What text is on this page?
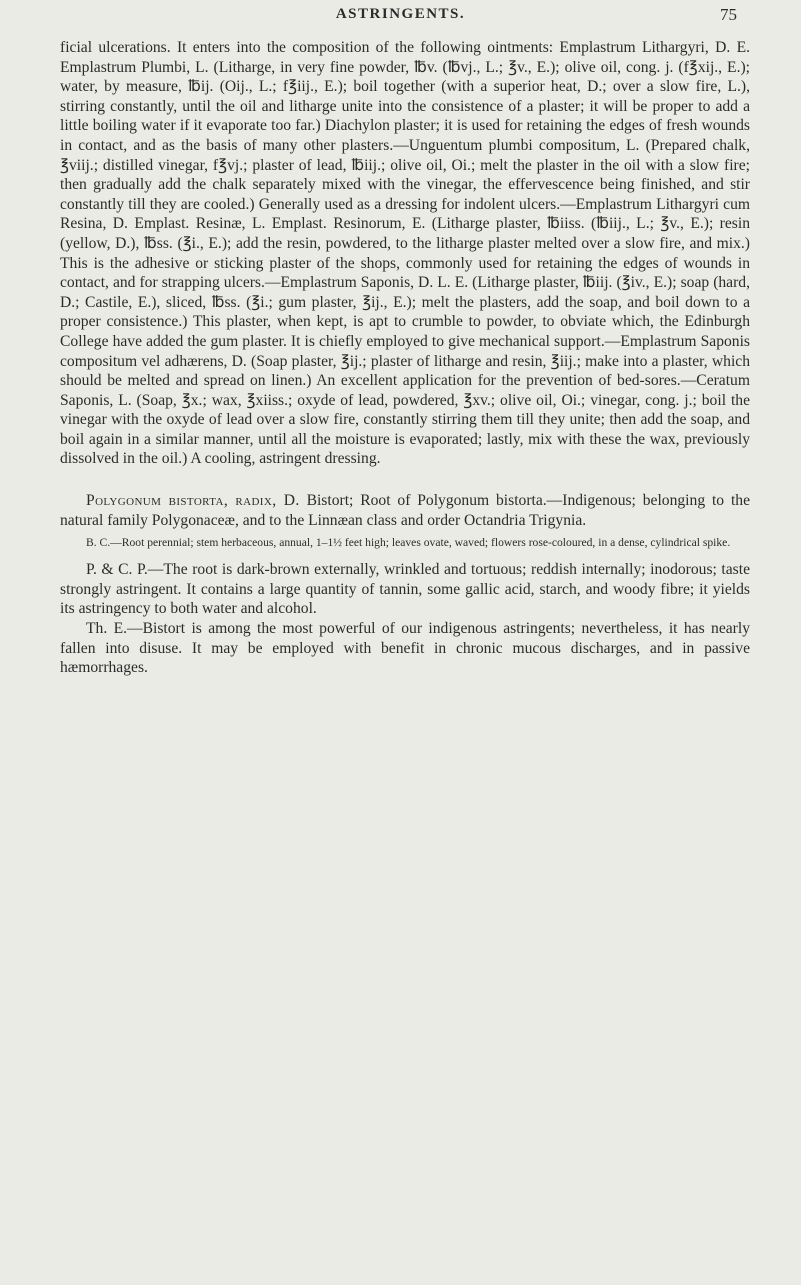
ASTRINGENTS.	75

ficial ulcerations. It enters into the composition of the following ointments: Emplastrum Lithargyri, D. E. Emplastrum Plumbi, L. (Litharge, in very fine powder, ℔v. (℔vj., L.; ℥v., E.); olive oil, cong. j. (f℥xij., E.); water, by measure, ℔ij. (Oij., L.; f℥iij., E.); boil together (with a superior heat, D.; over a slow fire, L.), stirring constantly, until the oil and litharge unite into the consistence of a plaster; it will be proper to add a little boiling water if it evaporate too far.) Diachylon plaster; it is used for retaining the edges of fresh wounds in contact, and as the basis of many other plasters.—Unguentum plumbi compositum, L. (Prepared chalk, ℥viij.; distilled vinegar, f℥vj.; plaster of lead, ℔iij.; olive oil, Oi.; melt the plaster in the oil with a slow fire; then gradually add the chalk separately mixed with the vinegar, the effervescence being finished, and stir constantly till they are cooled.) Generally used as a dressing for indolent ulcers.—Emplastrum Lithargyri cum Resina, D. Emplast. Resinæ, L. Emplast. Resinorum, E. (Litharge plaster, ℔iiss. (℔iij., L.; ℥v., E.); resin (yellow, D.), ℔ss. (℥i., E.); add the resin, powdered, to the litharge plaster melted over a slow fire, and mix.) This is the adhesive or sticking plaster of the shops, commonly used for retaining the edges of wounds in contact, and for strapping ulcers.—Emplastrum Saponis, D. L. E. (Litharge plaster, ℔iij. (℥iv., E.); soap (hard, D.; Castile, E.), sliced, ℔ss. (℥i.; gum plaster, ℥ij., E.); melt the plasters, add the soap, and boil down to a proper consistence.) This plaster, when kept, is apt to crumble to powder, to obviate which, the Edinburgh College have added the gum plaster. It is chiefly employed to give mechanical support.—Emplastrum Saponis compositum vel adhærens, D. (Soap plaster, ℥ij.; plaster of litharge and resin, ℥iij.; make into a plaster, which should be melted and spread on linen.) An excellent application for the prevention of bed-sores.—Ceratum Saponis, L. (Soap, ℥x.; wax, ℥xiiss.; oxyde of lead, powdered, ℥xv.; olive oil, Oi.; vinegar, cong. j.; boil the vinegar with the oxyde of lead over a slow fire, constantly stirring them till they unite; then add the soap, and boil again in a similar manner, until all the moisture is evaporated; lastly, mix with these the wax, previously dissolved in the oil.) A cooling, astringent dressing.

Polygonum bistorta, radix, D. Bistort; Root of Polygonum bistorta.—Indigenous; belonging to the natural family Polygonaceæ, and to the Linnæan class and order Octandria Trigynia.

B. C.—Root perennial; stem herbaceous, annual, 1–1½ feet high; leaves ovate, waved; flowers rose-coloured, in a dense, cylindrical spike.

P. & C. P.—The root is dark-brown externally, wrinkled and tortuous; reddish internally; inodorous; taste strongly astringent. It contains a large quantity of tannin, some gallic acid, starch, and woody fibre; it yields its astringency to both water and alcohol.

Th. E.—Bistort is among the most powerful of our indigenous astringents; nevertheless, it has nearly fallen into disuse. It may be employed with benefit in chronic mucous discharges, and in passive hæmorrhages.
